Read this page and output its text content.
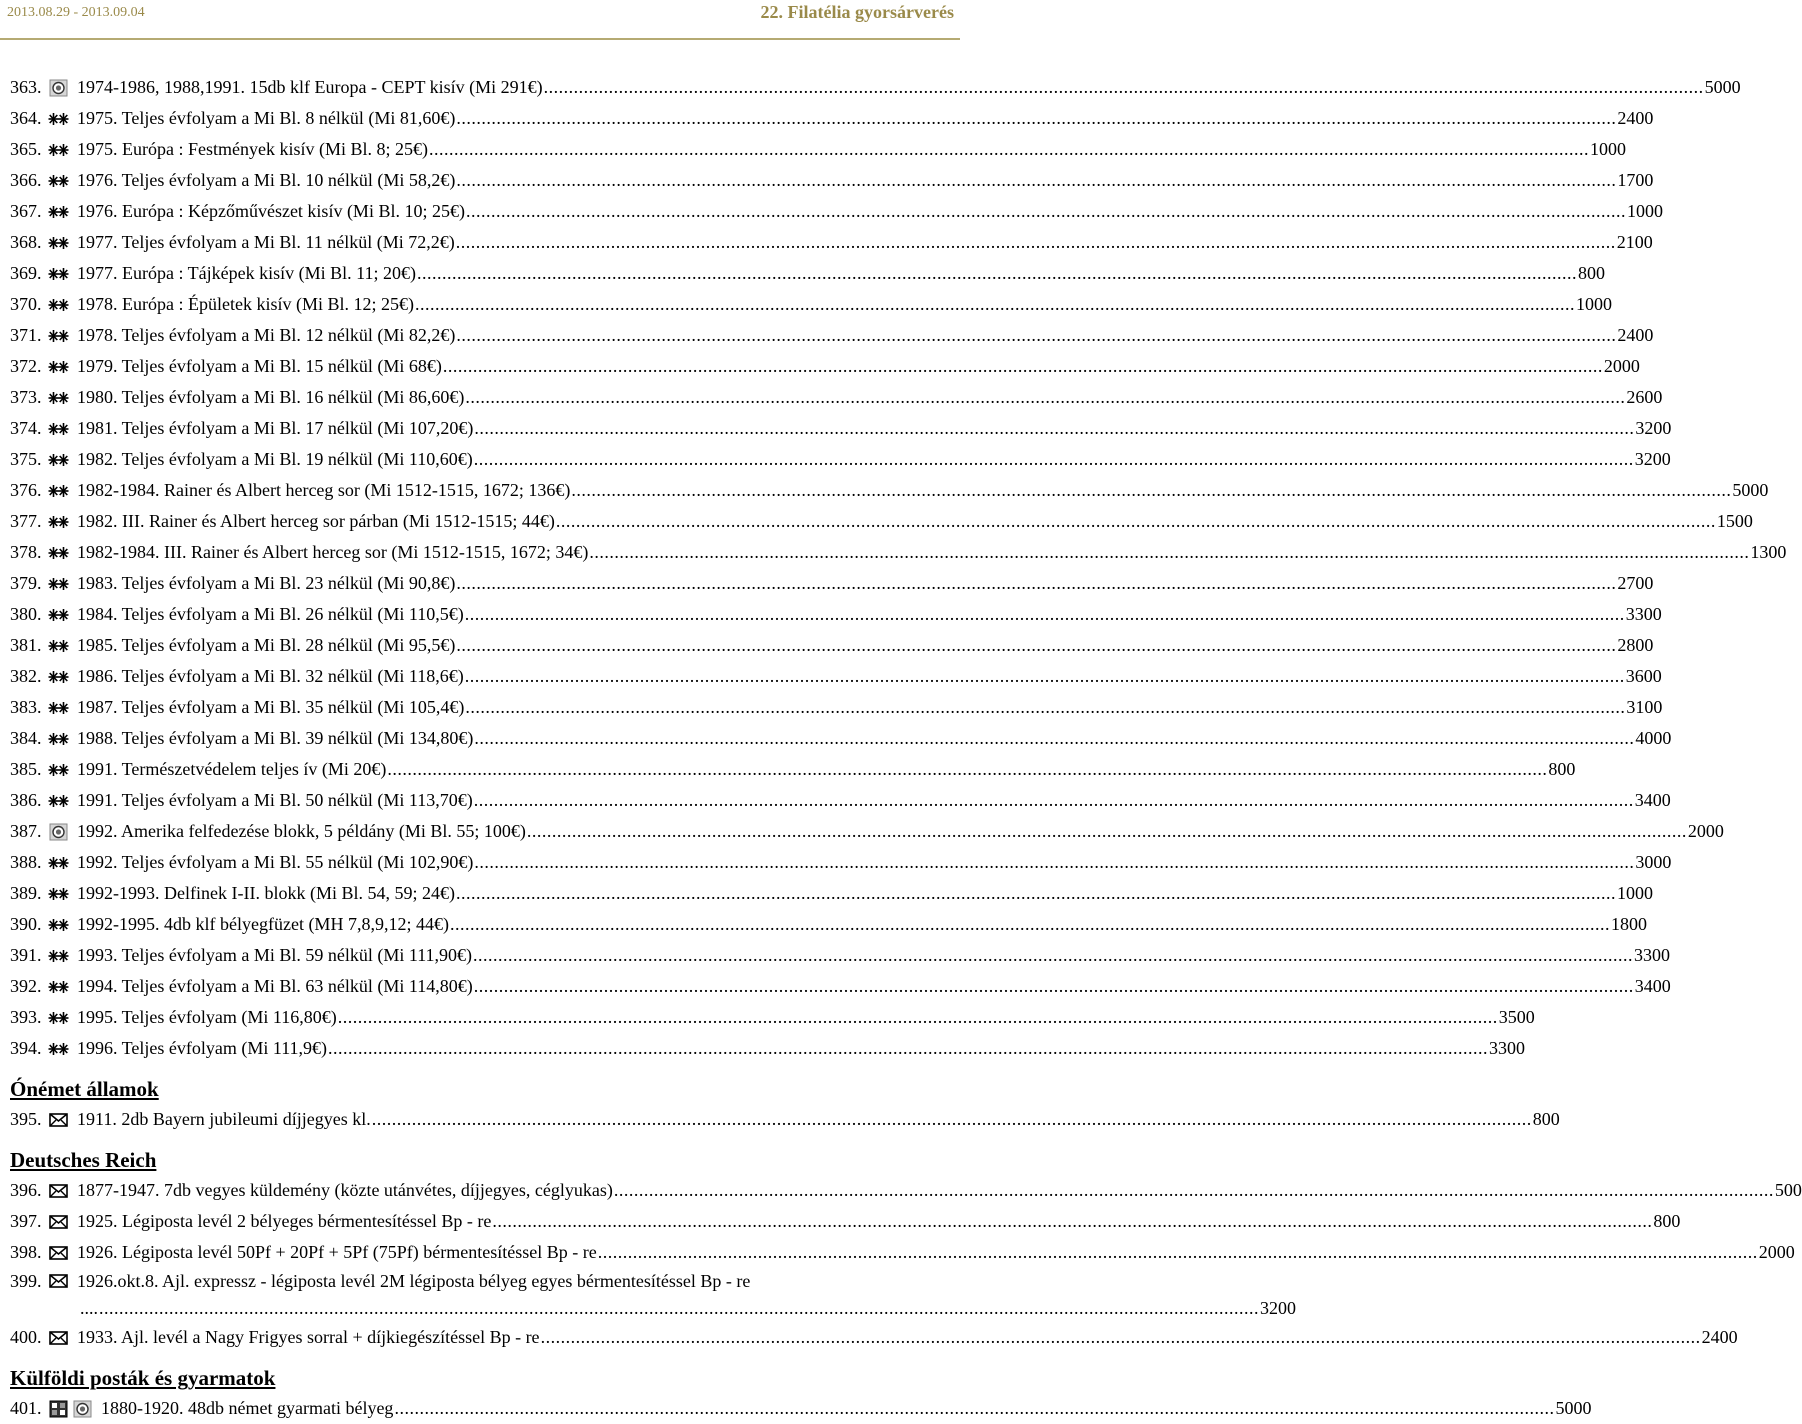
2013.08.29 - 2013.09.04	22. Filatélia gyorsárverés
363. 1974-1986, 1988,1991. 15db klf Europa - CEPT kisív (Mi 291€) .....	5000
364. 1975. Teljes évfolyam a Mi Bl. 8 nélkül (Mi 81,60€) .....	2400
365. 1975. Európa : Festmények kisív (Mi Bl. 8; 25€) .....	1000
366. 1976. Teljes évfolyam a Mi Bl. 10 nélkül (Mi 58,2€) .....	1700
367. 1976. Európa : Képzőművészet kisív (Mi Bl. 10; 25€) .....	1000
368. 1977. Teljes évfolyam a Mi Bl. 11 nélkül (Mi 72,2€) .....	2100
369. 1977. Európa : Tájképek kisív (Mi Bl. 11; 20€) .....	800
370. 1978. Európa : Épületek kisív (Mi Bl. 12; 25€) .....	1000
371. 1978. Teljes évfolyam a Mi Bl. 12 nélkül (Mi 82,2€) .....	2400
372. 1979. Teljes évfolyam a Mi Bl. 15 nélkül (Mi 68€) .....	2000
373. 1980. Teljes évfolyam a Mi Bl. 16 nélkül (Mi 86,60€) .....	2600
374. 1981. Teljes évfolyam a Mi Bl. 17 nélkül (Mi 107,20€) .....	3200
375. 1982. Teljes évfolyam a Mi Bl. 19 nélkül (Mi 110,60€) .....	3200
376. 1982-1984. Rainer és Albert herceg sor (Mi 1512-1515, 1672; 136€) .....	5000
377. 1982. III. Rainer és Albert herceg sor párban (Mi 1512-1515; 44€) .....	1500
378. 1982-1984. III. Rainer és Albert herceg sor (Mi 1512-1515, 1672; 34€) .....	1300
379. 1983. Teljes évfolyam a Mi Bl. 23 nélkül (Mi 90,8€) .....	2700
380. 1984. Teljes évfolyam a Mi Bl. 26 nélkül (Mi 110,5€) .....	3300
381. 1985. Teljes évfolyam a Mi Bl. 28 nélkül (Mi 95,5€) .....	2800
382. 1986. Teljes évfolyam a Mi Bl. 32 nélkül (Mi 118,6€) .....	3600
383. 1987. Teljes évfolyam a Mi Bl. 35 nélkül (Mi 105,4€) .....	3100
384. 1988. Teljes évfolyam a Mi Bl. 39 nélkül (Mi 134,80€) .....	4000
385. 1991. Természetvédelem teljes ív (Mi 20€) .....	800
386. 1991. Teljes évfolyam a Mi Bl. 50 nélkül (Mi 113,70€) .....	3400
387. 1992. Amerika felfedezése blokk, 5 példány (Mi Bl. 55; 100€) .....	2000
388. 1992. Teljes évfolyam a Mi Bl. 55 nélkül (Mi 102,90€) .....	3000
389. 1992-1993. Delfinek I-II. blokk (Mi Bl. 54, 59; 24€) .....	1000
390. 1992-1995. 4db klf bélyegfüzet (MH 7,8,9,12; 44€) .....	1800
391. 1993. Teljes évfolyam a Mi Bl. 59 nélkül (Mi 111,90€) .....	3300
392. 1994. Teljes évfolyam a Mi Bl. 63 nélkül (Mi 114,80€) .....	3400
393. 1995. Teljes évfolyam (Mi 116,80€) .....	3500
394. 1996. Teljes évfolyam (Mi 111,9€) .....	3300
Ónémet államok
395. 1911. 2db Bayern jubileumi díjjegyes kl. .....	800
Deutsches Reich
396. 1877-1947. 7db vegyes küldemény (közte utánvétes, díjjegyes, céglyukas) .....	500
397. 1925. Légiposta levél 2 bélyeges bérmentesítéssel Bp - re .....	800
398. 1926. Légiposta levél 50Pf + 20Pf + 5Pf (75Pf) bérmentesítéssel Bp - re .....	2000
399. 1926.okt.8. Ajl. expressz - légiposta levél 2M légiposta bélyeg egyes bérmentesítéssel Bp - re
.... .....	3200
400. 1933. Ajl. levél a Nagy Frigyes sorral + díjkiegészítéssel Bp - re .....	2400
Külföldi posták és gyarmatok
401.	1880-1920. 48db német gyarmati bélyeg .....	5000
